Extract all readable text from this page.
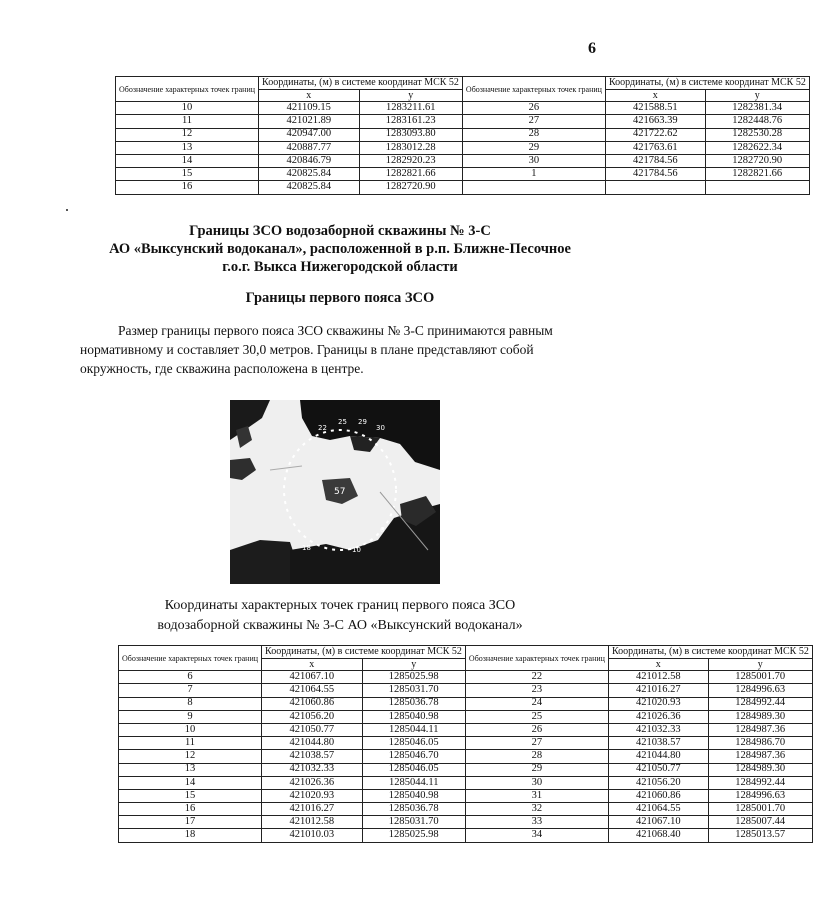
6
Обозначение характерных точек границ	Координаты, (м) в системе координат МСК 52		Обозначение характерных точек границ	Координаты, (м) в системе координат МСК 52	
	x	y		x	y
10	421109.15	1283211.61	26	421588.51	1282381.34
11	421021.89	1283161.23	27	421663.39	1282448.76
12	420947.00	1283093.80	28	421722.62	1282530.28
13	420887.77	1283012.28	29	421763.61	1282622.34
14	420846.79	1282920.23	30	421784.56	1282720.90
15	420825.84	1282821.66	1	421784.56	1282821.66
16	420825.84	1282720.90			
Границы ЗСО водозаборной скважины № 3-С
АО «Выксунский водоканал», расположенной в р.п. Ближне-Песочное
г.о.г. Выкса Нижегородской области
Границы первого пояса ЗСО
Размер границы первого пояса ЗСО скважины № 3-С принимаются равным
нормативному и составляет 30,0 метров. Границы в плане представляют собой
окружность, где скважина расположена в центре.
57
22
25 29
30
18	10
6
Координаты характерных точек границ первого пояса ЗСО
водозаборной скважины № 3-С АО «Выксунский водоканал»
Обозначение характерных точек границ	Координаты, (м) в системе координат МСК 52		Обозначение характерных точек границ	Координаты, (м) в системе координат МСК 52	
	x	y		x	y
6	421067.10	1285025.98	22	421012.58	1285001.70
7	421064.55	1285031.70	23	421016.27	1284996.63
8	421060.86	1285036.78	24	421020.93	1284992.44
9	421056.20	1285040.98	25	421026.36	1284989.30
10	421050.77	1285044.11	26	421032.33	1284987.36
11	421044.80	1285046.05	27	421038.57	1284986.70
12	421038.57	1285046.70	28	421044.80	1284987.36
13	421032.33	1285046.05	29	421050.77	1284989.30
14	421026.36	1285044.11	30	421056.20	1284992.44
15	421020.93	1285040.98	31	421060.86	1284996.63
16	421016.27	1285036.78	32	421064.55	1285001.70
17	421012.58	1285031.70	33	421067.10	1285007.44
18	421010.03	1285025.98	34	421068.40	1285013.57
